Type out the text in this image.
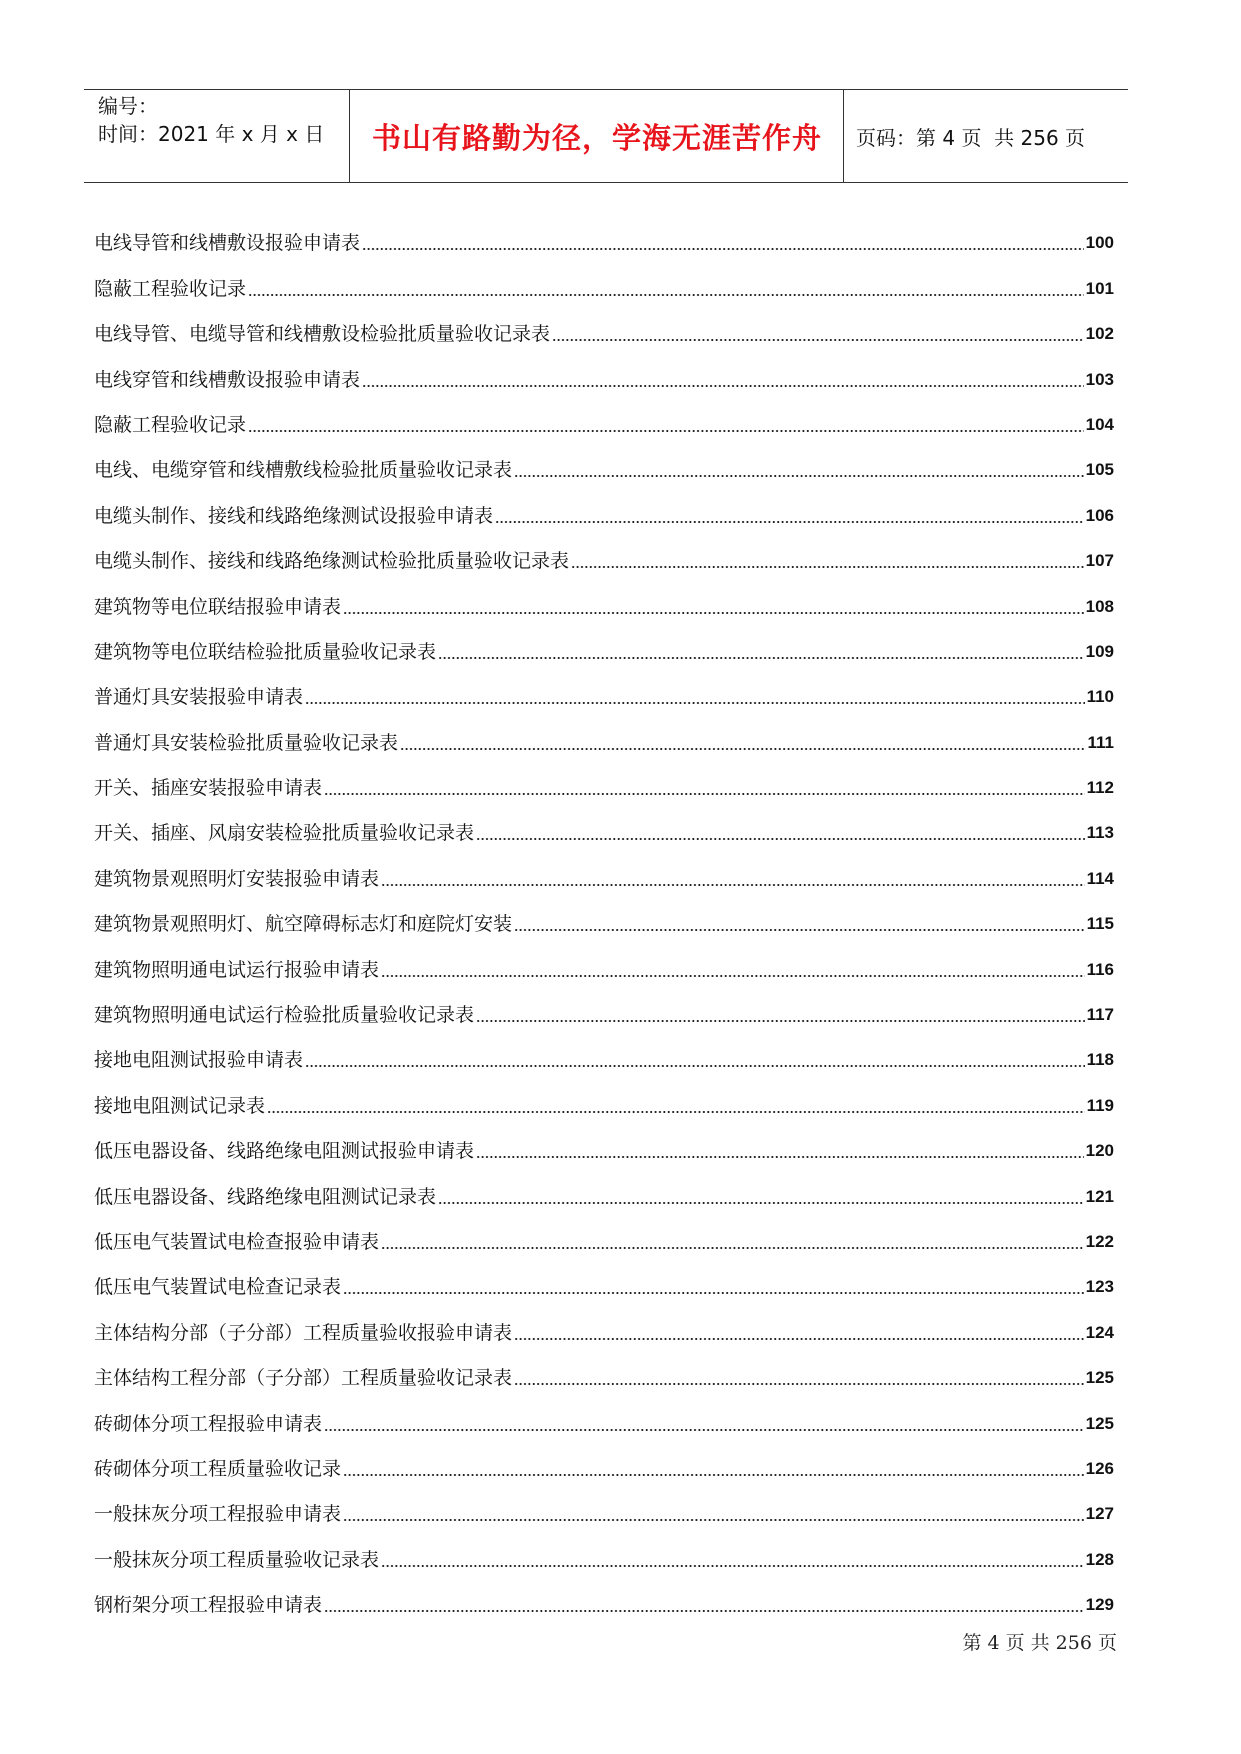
编号：
时间：2021 年 x 月 x 日	书山有路勤为径，学海无涯苦作舟	页码：第 4 页  共 256 页
电线导管和线槽敷设报验申请表	100
隐蔽工程验收记录	101
电线导管、电缆导管和线槽敷设检验批质量验收记录表	102
电线穿管和线槽敷设报验申请表	103
隐蔽工程验收记录	104
电线、电缆穿管和线槽敷线检验批质量验收记录表	105
电缆头制作、接线和线路绝缘测试设报验申请表	106
电缆头制作、接线和线路绝缘测试检验批质量验收记录表	107
建筑物等电位联结报验申请表	108
建筑物等电位联结检验批质量验收记录表	109
普通灯具安装报验申请表	110
普通灯具安装检验批质量验收记录表	111
开关、插座安装报验申请表	112
开关、插座、风扇安装检验批质量验收记录表	113
建筑物景观照明灯安装报验申请表	114
建筑物景观照明灯、航空障碍标志灯和庭院灯安装	115
建筑物照明通电试运行报验申请表	116
建筑物照明通电试运行检验批质量验收记录表	117
接地电阻测试报验申请表	118
接地电阻测试记录表	119
低压电器设备、线路绝缘电阻测试报验申请表	120
低压电器设备、线路绝缘电阻测试记录表	121
低压电气装置试电检查报验申请表	122
低压电气装置试电检查记录表	123
主体结构分部（子分部）工程质量验收报验申请表	124
主体结构工程分部（子分部）工程质量验收记录表	125
砖砌体分项工程报验申请表	125
砖砌体分项工程质量验收记录	126
一般抹灰分项工程报验申请表	127
一般抹灰分项工程质量验收记录表	128
钢桁架分项工程报验申请表	129
第 4 页 共 256 页
